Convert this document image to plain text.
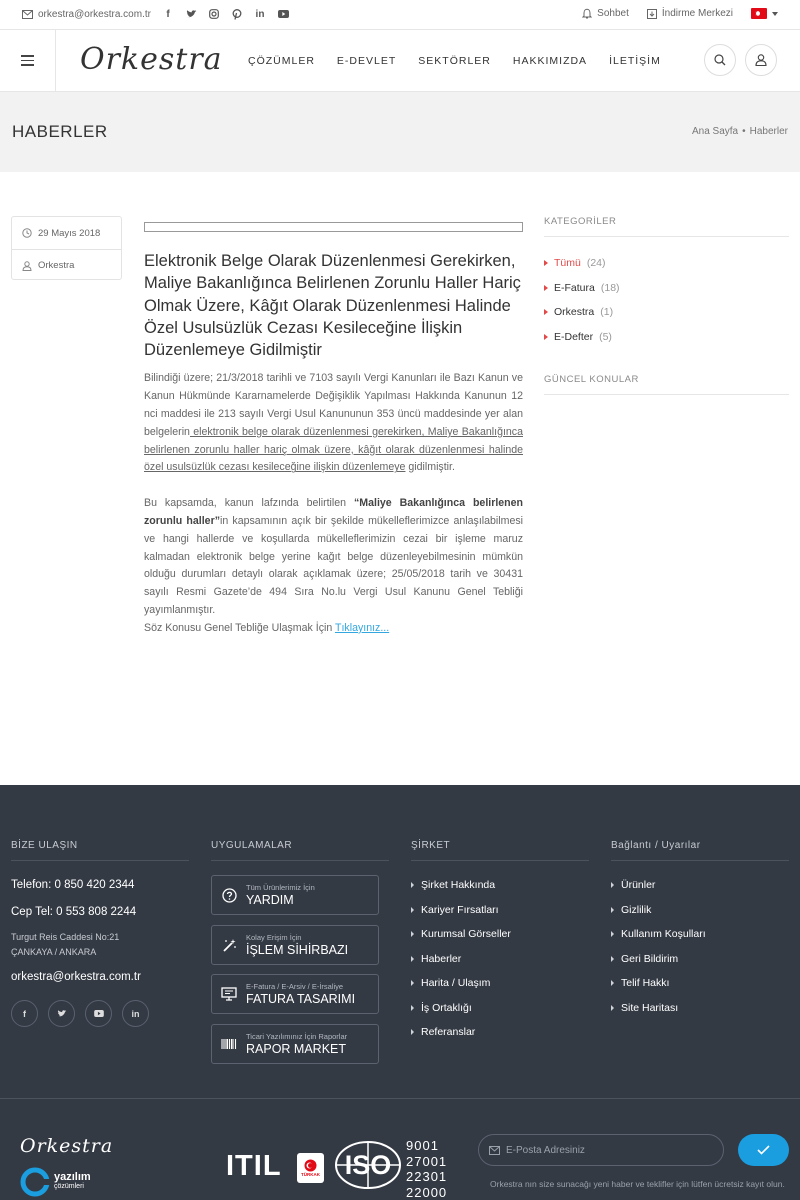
orkestra@orkestra.com.tr	f	in	Sohbet	İndirme Merkezi
Orkestra ÇÖZÜMLER E-DEVLET SEKTÖRLER HAKKIMIZDA İLETİŞİM
HABERLER	Ana Sayfa • Haberler
29 Mayıs 2018
Orkestra	Elektronik Belge Olarak Düzenlenmesi Gerekirken, Maliye Bakanlığınca Belirlenen Zorunlu Haller Hariç Olmak Üzere, Kâğıt Olarak Düzenlenmesi Halinde Özel Usulsüzlük Cezası Kesileceğine İlişkin Düzenlemeye Gidilmiştir

Bilindiği üzere; 21/3/2018 tarihli ve 7103 sayılı Vergi Kanunları ile Bazı Kanun ve Kanun Hükmünde Kararnamelerde Değişiklik Yapılması Hakkında Kanunun 12 nci maddesi ile 213 sayılı Vergi Usul Kanununun 353 üncü maddesinde yer alan belgelerin elektronik belge olarak düzenlenmesi gerekirken, Maliye Bakanlığınca belirlenen zorunlu haller hariç olmak üzere, kâğıt olarak düzenlenmesi halinde özel usulsüzlük cezası kesileceğine ilişkin düzenlemeye gidilmiştir.

Bu kapsamda, kanun lafzında belirtilen “Maliye Bakanlığınca belirlenen zorunlu haller”in kapsamının açık bir şekilde mükelleflerimizce anlaşılabilmesi ve hangi hallerde ve koşullarda mükelleflerimizin cezai bir işleme maruz kalmadan elektronik belge yerine kağıt belge düzenleyebilmesinin mümkün olduğu durumları detaylı olarak açıklamak üzere; 25/05/2018 tarih ve 30431 sayılı Resmi Gazete’de 494 Sıra No.lu Vergi Usul Kanunu Genel Tebliği yayımlanmıştır.

Söz Konusu Genel Tebliğe Ulaşmak İçin Tıklayınız...

KATEGORİLER
Tümü (24)
E-Fatura (18)
Orkestra (1)
E-Defter (5)
GÜNCEL KONULAR
BİZE ULAŞIN
Telefon: 0 850 420 2344
Cep Tel: 0 553 808 2244
Turgut Reis Caddesi No:21
ÇANKAYA / ANKARA
orkestra@orkestra.com.tr
f	in
UYGULAMALAR
Tüm Ürünlerimiz İçin
YARDIM
Kolay Erişim İçin
İŞLEM SİHİRBAZI
E-Fatura / E-Arsiv / E-İrsaliye
FATURA TASARIMI
Ticari Yazılımınız İçin Raporlar
RAPOR MARKET
ŞİRKET
Şirket Hakkında
Kariyer Fırsatları
Kurumsal Görseller
Haberler
Harita / Ulaşım
İş Ortaklığı
Referanslar
Bağlantı / Uyarılar
Ürünler
Gizlilik
Kullanım Koşulları
Geri Bildirim
Telif Hakkı
Site Haritası
Orkestra
yazılım
çözümleri
ITIL	TÜRKAK ISO
9001
27001
22301
22000
E-Posta Adresiniz
Orkestra nın size sunacağı yeni haber ve teklifler için lütfen ücretsiz kayıt olun.
